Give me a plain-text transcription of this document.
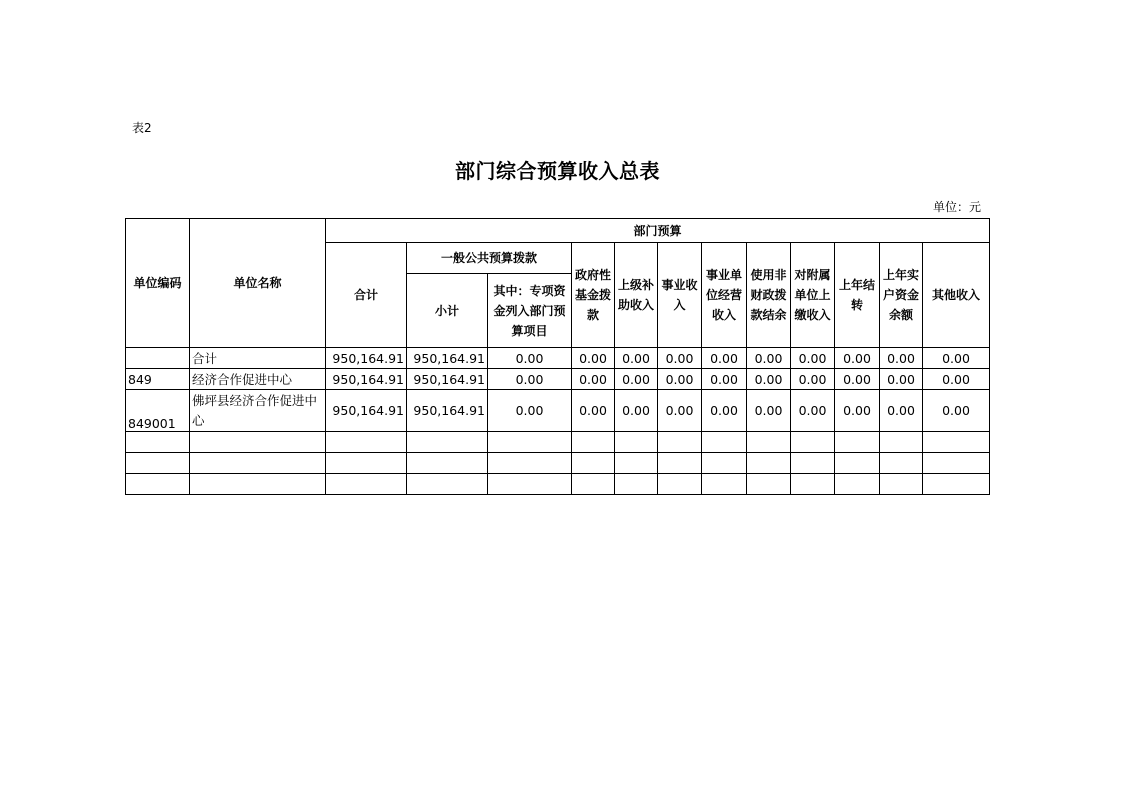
表2
部门综合预算收入总表
单位：元
单位编码	单位名称	部门预算											
		合计	一般公共预算拨款		政府性基金拨款	上级补助收入	事业收入	事业单位经营收入	使用非财政拨款结余	对附属单位上缴收入	上年结转	上年实户资金余额	其他收入
			小计	其中：专项资金列入部门预算项目									
	合计	950,164.91	950,164.91	0.00	0.00	0.00	0.00	0.00	0.00	0.00	0.00	0.00	0.00
849	经济合作促进中心	950,164.91	950,164.91	0.00	0.00	0.00	0.00	0.00	0.00	0.00	0.00	0.00	0.00
849001	佛坪县经济合作促进中心	950,164.91	950,164.91	0.00	0.00	0.00	0.00	0.00	0.00	0.00	0.00	0.00	0.00
